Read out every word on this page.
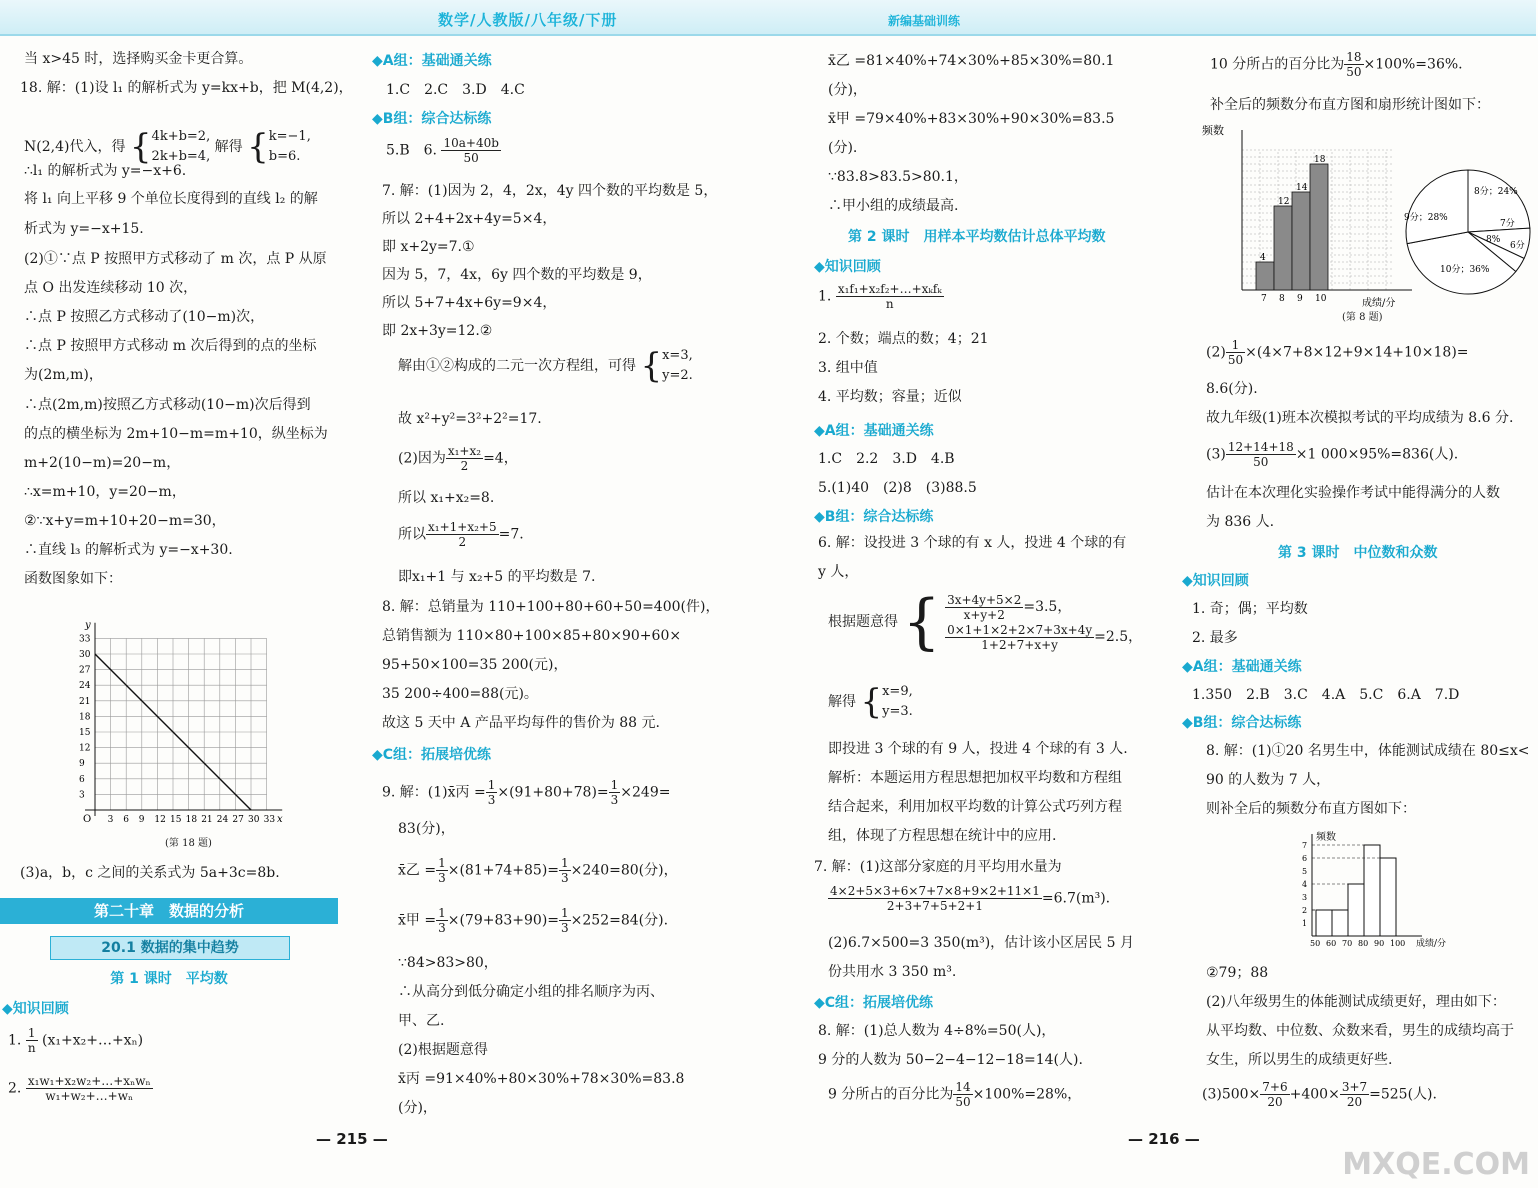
数学/人教版/八年级/下册	新编基础训练
当 x>45 时，选择购买金卡更合算。
18. 解：(1)设 l₁ 的解析式为 y=kx+b，把 M(4,2)，
∴l₁ 的解析式为 y=−x+6.
将 l₁ 向上平移 9 个单位长度得到的直线 l₂ 的解
析式为 y=−x+15.
(2)①∵点 P 按照甲方式移动了 m 次，点 P 从原
点 O 出发连续移动 10 次，
∴点 P 按照乙方式移动了(10−m)次，
∴点 P 按照甲方式移动 m 次后得到的点的坐标
为(2m,m)，
∴点(2m,m)按照乙方式移动(10−m)次后得到
的点的横坐标为 2m+10−m=m+10，纵坐标为
m+2(10−m)=20−m，
∴x=m+10，y=20−m，
②∵x+y=m+10+20−m=30，
∴直线 l₃ 的解析式为 y=−x+30.
函数图象如下：
N(2,4)代入，得 {4k+b=2,
2k+b=4, 解得 {k=−1,
b=6.
3
3
6
6
9
9
12
12
15
15
18
18
21
21
24
24
27
27
30
30
33
33
O
y
x
(第 18 题)
(3)a，b，c 之间的关系式为 5a+3c=8b.
第二十章　数据的分析
20.1 数据的集中趋势
第 1 课时　平均数
◆知识回顾
1. $\frac{1}{n}$ (x₁+x₂+…+xₙ)
2. $\frac{\text{x₁w₁+x₂w₂+…+xₙwₙ}}{\text{w₁+w₂+…+wₙ}}$
◆A组：基础通关练
1.C　2.C　3.D　4.C
◆B组：综合达标练
5.B　6. $\frac{10a+40b}{50}$
7. 解：(1)因为 2，4，2x，4y 四个数的平均数是 5，
所以 2+4+2x+4y=5×4，
即 x+2y=7.①
因为 5，7，4x，6y 四个数的平均数是 9，
所以 5+7+4x+6y=9×4，
即 2x+3y=12.②
解由①②构成的二元一次方程组，可得 {x=3,
y=2.
故 x²+y²=3²+2²=17.
(2)因为 $\frac{\text{x₁+x₂}}{2} =4$，
所以 x₁+x₂=8.
所以 $\frac{\text{x₁+1+x₂+5}}{2} =7$.
即x₁+1 与 x₂+5 的平均数是 7.
8. 解：总销量为 110+100+80+60+50=400(件)，
总销售额为 110×80+100×85+80×90+60×
95+50×100=35 200(元)，
35 200÷400=88(元)。
故这 5 天中 A 产品平均每件的售价为 88 元.
◆C组：拓展培优练
9. 解：(1)x̄丙 = $\frac{1}{3} \times(91+80+78)= \frac{1}{3} \times 249=$
83(分)，
x̄乙 = $\frac{1}{3} \times(81+74+85)= \frac{1}{3} \times 240=80$(分)，
x̄甲 = $\frac{1}{3} \times(79+83+90)= \frac{1}{3} \times 252=84$(分).
∵84>83>80，
∴从高分到低分确定小组的排名顺序为丙、
甲、乙.
(2)根据题意得
x̄丙 =91×40%+80×30%+78×30%=83.8
(分)，
x̄乙 =81×40%+74×30%+85×30%=80.1
(分)，
x̄甲 =79×40%+83×30%+90×30%=83.5
(分).
∵83.8>83.5>80.1，
∴甲小组的成绩最高.
第 2 课时　用样本平均数估计总体平均数
◆知识回顾
1. $\frac{\text{x₁f₁+x₂f₂+…+xₖfₖ}}{n}$
2. 个数；端点的数；4；21
3. 组中值
4. 平均数；容量；近似
◆A组：基础通关练
1.C　2.2　3.D　4.B
5.(1)40　(2)8　(3)88.5
◆B组：综合达标练
6. 解：设投进 3 个球的有 x 人，投进 4 个球的有
y 人，
根据题意得 { $\frac{3x+4y+5\times 2}{x+y+2} =3.5$，

$\frac{0\times 1+1\times 2+2\times 7+3x+4y}{1+2+7+x+y} =2.5$，
解得 {x=9,
y=3.
即投进 3 个球的有 9 人，投进 4 个球的有 3 人.
解析：本题运用方程思想把加权平均数和方程组
结合起来，利用加权平均数的计算公式巧列方程
组，体现了方程思想在统计中的应用.
7. 解：(1)这部分家庭的月平均用水量为
$\frac{4\times 2+5\times 3+6\times 7+7\times 8+9\times 2+11\times 1}{2+3+7+5+2+1} =6.7(m^3)$.
(2)6.7×500=3 350(m³)，估计该小区居民 5 月
份共用水 3 350 m³.
◆C组：拓展培优练
8. 解：(1)总人数为 4÷8%=50(人)，
9 分的人数为 50−2−4−12−18=14(人).
9 分所占的百分比为 $\frac{14}{50} \times 100\%=28\%$，
10 分所占的百分比为 $\frac{18}{50} \times 100\%=36\%$.
补全后的频数分布直方图和扇形统计图如下：
频数
成绩/分
4
7
12
8
14
9
18
10
8分；24%
9分；28%
7分
8%
6分
10分；36%
(第 8 题)
$(2) \frac{1}{50} \times(4\times 7+8\times 12+9\times 14+10\times 18)=$
8.6(分).
故九年级(1)班本次模拟考试的平均成绩为 8.6 分.
$(3) \frac{12+14+18}{50} \times 1$ 000×95%=836(人).
估计在本次理化实验操作考试中能得满分的人数
为 836 人.
第 3 课时　中位数和众数
◆知识回顾
1. 奇；偶；平均数
2. 最多
◆A组：基础通关练
1.350　2.B　3.C　4.A　5.C　6.A　7.D
◆B组：综合达标练
8. 解：(1)①20 名男生中，体能测试成绩在 80≤x<
90 的人数为 7 人，
则补全后的频数分布直方图如下：
频数
成绩/分
1
2
3
4
5
6
7
50 60 70 80 90 100
②79；88
(2)八年级男生的体能测试成绩更好，理由如下：
从平均数、中位数、众数来看，男生的成绩均高于
女生，所以男生的成绩更好些.
$(3)500\times \frac{7+6}{20} +400\times \frac{3+7}{20} =525$(人).
— 215 —	— 216 —
MXQE.COM
